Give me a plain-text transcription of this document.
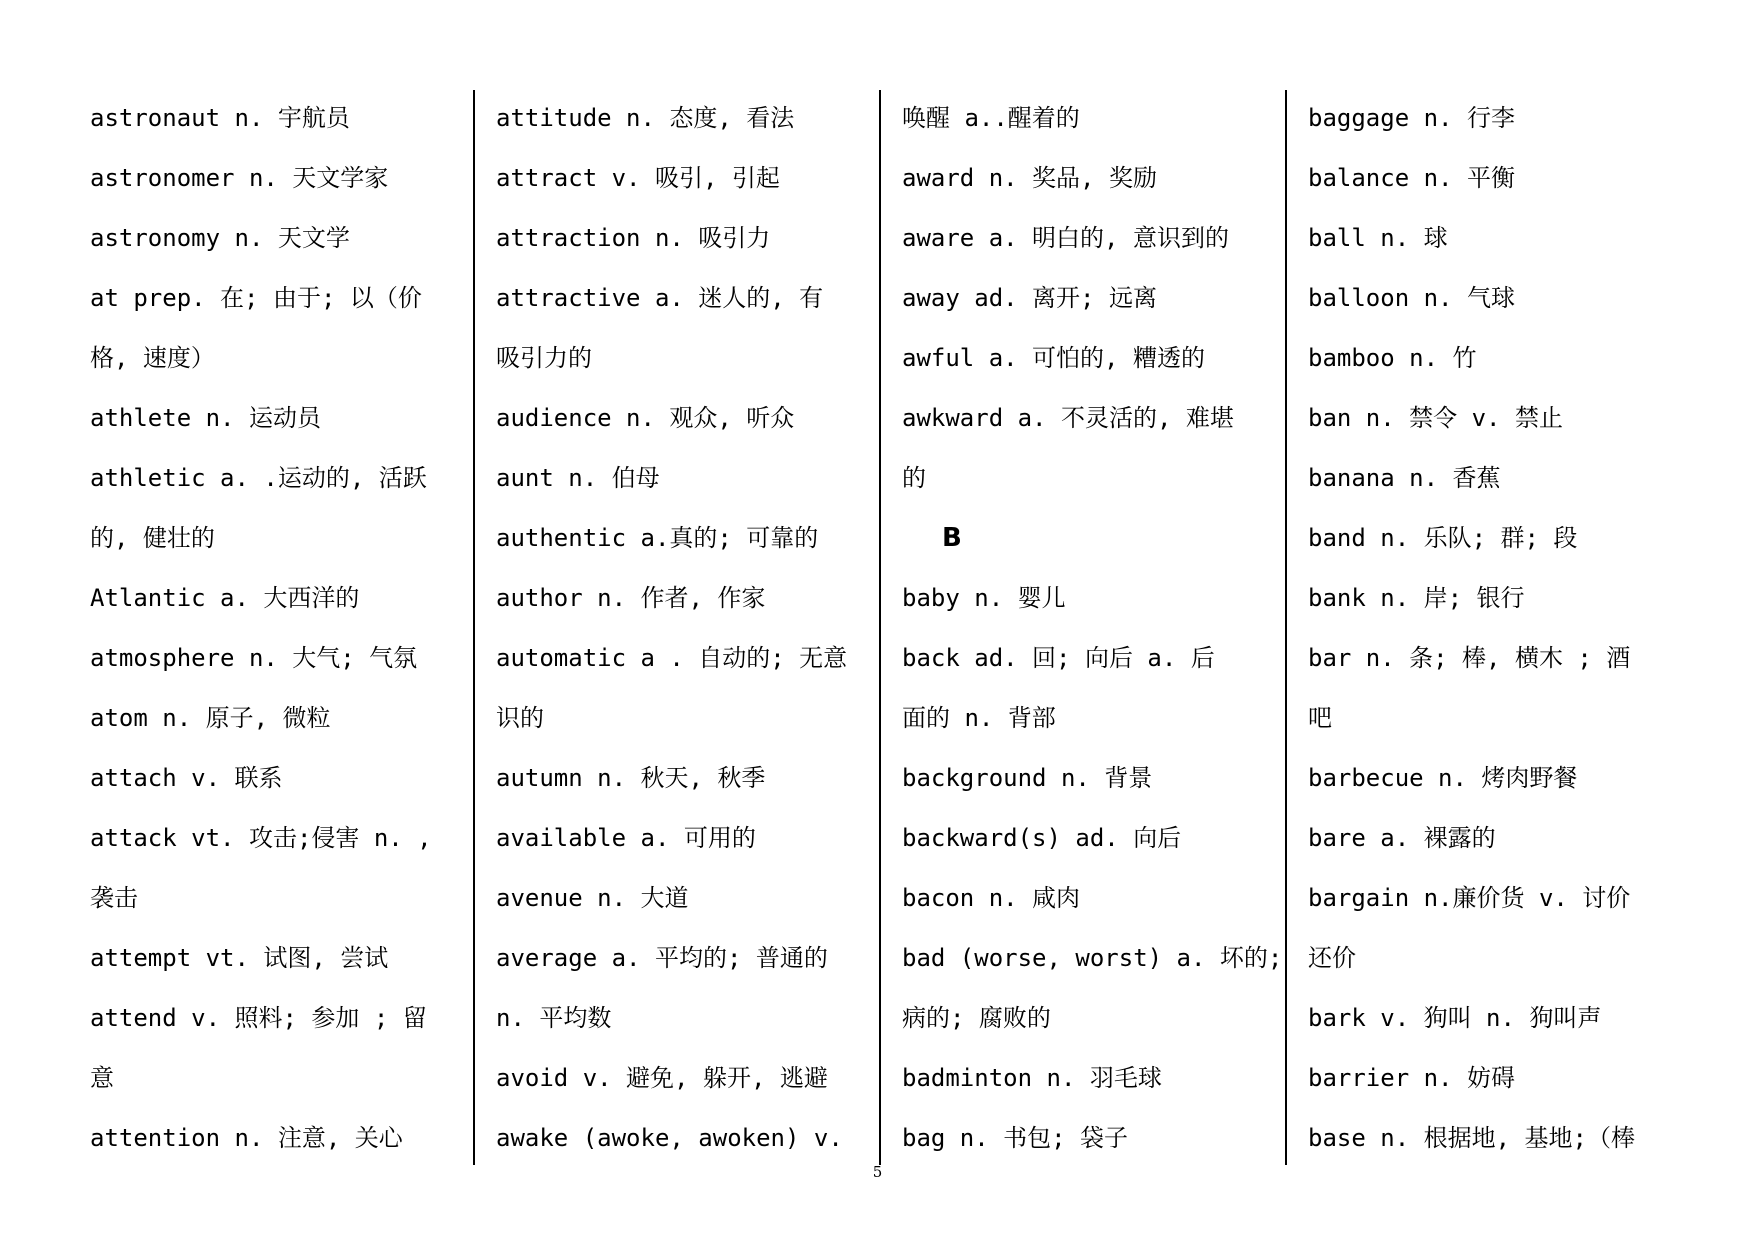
astronaut n. 宇航员
astronomer n. 天文学家
astronomy n. 天文学
at prep. 在; 由于; 以（价
格, 速度）
athlete n. 运动员
athletic a. .运动的, 活跃
的, 健壮的
Atlantic a. 大西洋的
atmosphere n. 大气; 气氛
atom n. 原子, 微粒
attach v. 联系
attack vt. 攻击;侵害 n. ,
袭击
attempt vt. 试图, 尝试
attend v. 照料; 参加 ; 留
意
attention n. 注意, 关心
attitude n. 态度, 看法
attract v. 吸引, 引起
attraction n. 吸引力
attractive a. 迷人的, 有
吸引力的
audience n. 观众, 听众
aunt n. 伯母
authentic a.真的; 可靠的
author n. 作者, 作家
automatic a . 自动的; 无意
识的
autumn n. 秋天, 秋季
available a. 可用的
avenue n. 大道
average a. 平均的; 普通的
n. 平均数
avoid v. 避免, 躲开, 逃避
awake (awoke, awoken) v.
唤醒 a..醒着的
award n. 奖品, 奖励
aware a. 明白的, 意识到的
away ad. 离开; 远离
awful a. 可怕的, 糟透的
awkward a. 不灵活的, 难堪
的
B
baby n. 婴儿
back ad. 回; 向后 a. 后
面的 n. 背部
background n. 背景
backward(s) ad. 向后
bacon n. 咸肉
bad (worse, worst) a. 坏的;
病的; 腐败的
badminton n. 羽毛球
bag n. 书包; 袋子
baggage n. 行李
balance n. 平衡
ball n. 球
balloon n. 气球
bamboo n. 竹
ban n. 禁令 v. 禁止
banana n. 香蕉
band n. 乐队; 群; 段
bank n. 岸; 银行
bar n. 条; 棒, 横木 ; 酒
吧
barbecue n. 烤肉野餐
bare a. 裸露的
bargain n.廉价货 v. 讨价
还价
bark v. 狗叫 n. 狗叫声
barrier n. 妨碍
base n. 根据地, 基地;（棒
5
